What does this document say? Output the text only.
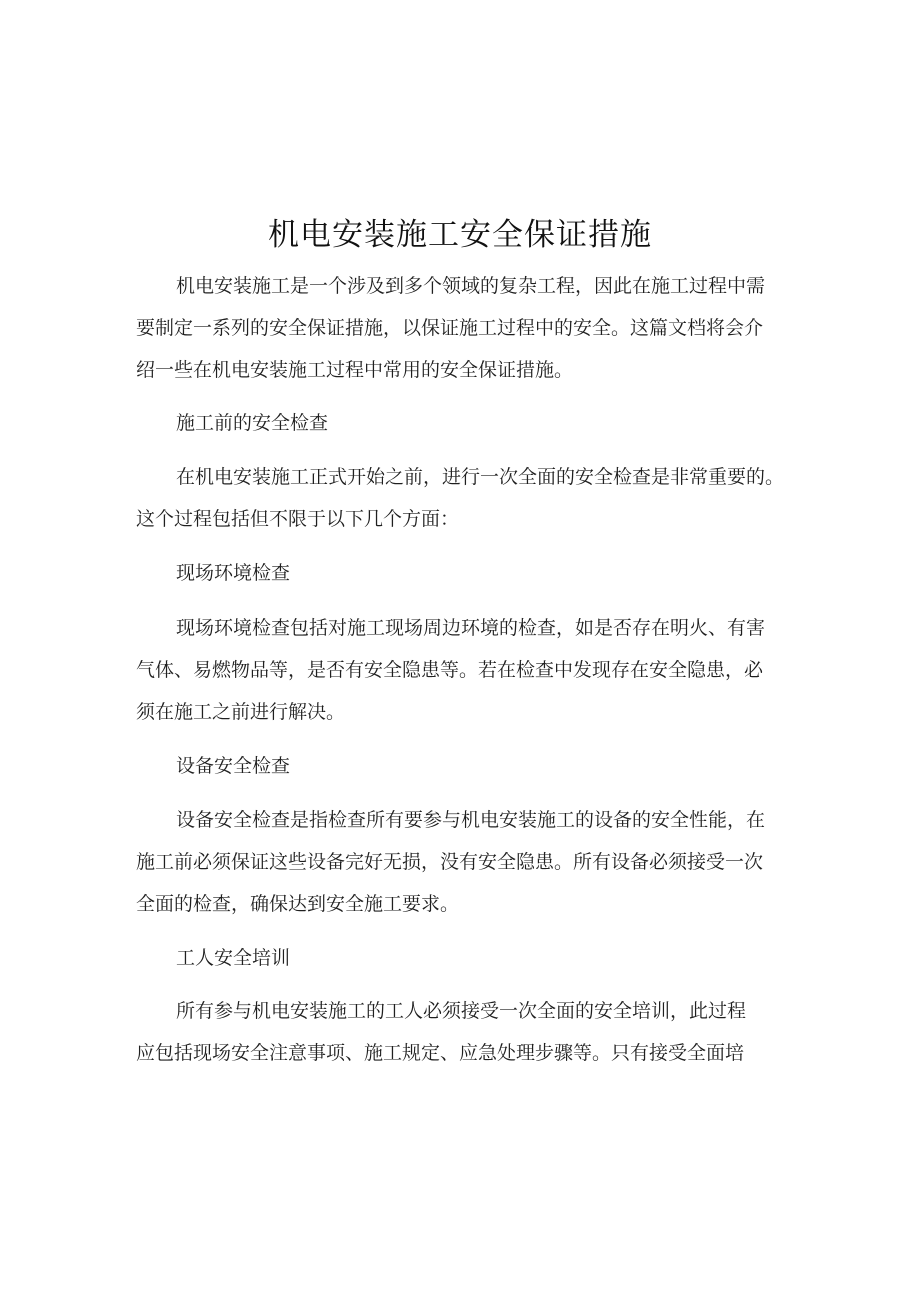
机电安装施工安全保证措施
机电安装施工是一个涉及到多个领域的复杂工程，因此在施工过程中需
要制定一系列的安全保证措施，以保证施工过程中的安全。这篇文档将会介
绍一些在机电安装施工过程中常用的安全保证措施。
施工前的安全检查
在机电安装施工正式开始之前，进行一次全面的安全检查是非常重要的。
这个过程包括但不限于以下几个方面：
现场环境检查
现场环境检查包括对施工现场周边环境的检查，如是否存在明火、有害
气体、易燃物品等，是否有安全隐患等。若在检查中发现存在安全隐患，必
须在施工之前进行解决。
设备安全检查
设备安全检查是指检查所有要参与机电安装施工的设备的安全性能，在
施工前必须保证这些设备完好无损，没有安全隐患。所有设备必须接受一次
全面的检查，确保达到安全施工要求。
工人安全培训
所有参与机电安装施工的工人必须接受一次全面的安全培训，此过程
应包括现场安全注意事项、施工规定、应急处理步骤等。只有接受全面培
